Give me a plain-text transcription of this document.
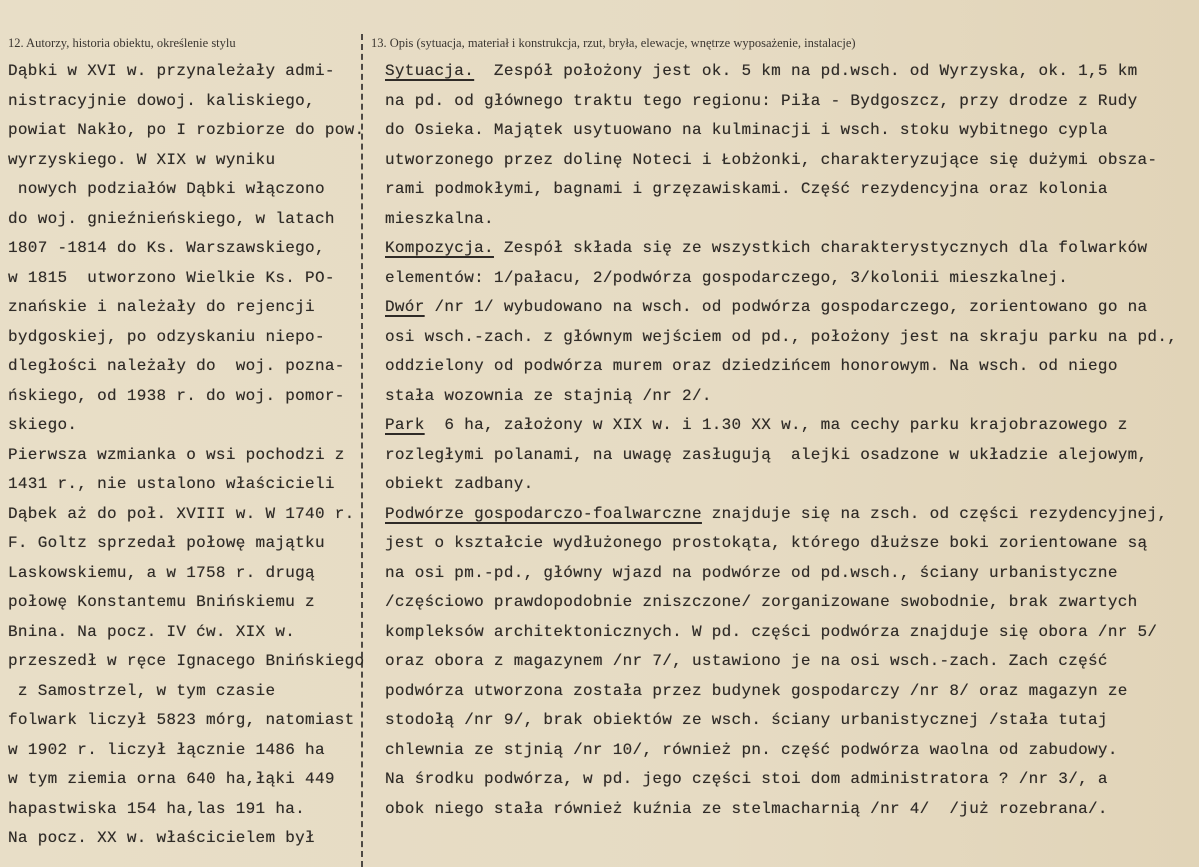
12. Autorzy, historia obiektu, określenie stylu	13. Opis (sytuacja, materiał i konstrukcja, rzut, bryła, elewacje, wnętrze wyposażenie, instalacje)
Dąbki w XVI w. przynależały admi-
nistracyjnie dowoj. kaliskiego,
powiat Nakło, po I rozbiorze do pow.
wyrzyskiego. W XIX w wyniku
nowych podziałów Dąbki włączono
do woj. gnieźnieńskiego, w latach
1807 -1814 do Ks. Warszawskiego,
w 1815  utworzono Wielkie Ks. PO-
znańskie i należały do rejencji
bydgoskiej, po odzyskaniu niepo-
dległości należały do  woj. pozna-
ńskiego, od 1938 r. do woj. pomor-
skiego.
Pierwsza wzmianka o wsi pochodzi z
1431 r., nie ustalono właścicieli
Dąbek aż do poł. XVIII w. W 1740 r.
F. Goltz sprzedał połowę majątku
Laskowskiemu, a w 1758 r. drugą
połowę Konstantemu Bnińskiemu z
Bnina. Na pocz. IV ćw. XIX w.
przeszedł w ręce Ignacego Bnińskiego
z Samostrzel, w tym czasie
folwark liczył 5823 mórg, natomiast
w 1902 r. liczył łącznie 1486 ha
w tym ziemia orna 640 ha,łąki 449
hapastwiska 154 ha,las 191 ha.
Na pocz. XX w. właścicielem był
Sytuacja.  Zespół położony jest ok. 5 km na pd.wsch. od Wyrzyska, ok. 1,5 km
na pd. od głównego traktu tego regionu: Piła - Bydgoszcz, przy drodze z Rudy
do Osieka. Majątek usytuowano na kulminacji i wsch. stoku wybitnego cypla
utworzonego przez dolinę Noteci i Łobżonki, charakteryzujące się dużymi obsza-
rami podmokłymi, bagnami i grzęzawiskami. Część rezydencyjna oraz kolonia
mieszkalna.
Kompozycja. Zespół składa się ze wszystkich charakterystycznych dla folwarków
elementów: 1/pałacu, 2/podwórza gospodarczego, 3/kolonii mieszkalnej.
Dwór /nr 1/ wybudowano na wsch. od podwórza gospodarczego, zorientowano go na
osi wsch.-zach. z głównym wejściem od pd., położony jest na skraju parku na pd.,
oddzielony od podwórza murem oraz dziedzińcem honorowym. Na wsch. od niego
stała wozownia ze stajnią /nr 2/.
Park  6 ha, założony w XIX w. i 1.30 XX w., ma cechy parku krajobrazowego z
rozległymi polanami, na uwagę zasługują  alejki osadzone w układzie alejowym,
obiekt zadbany.
Podwórze gospodarczo-foalwarczne znajduje się na zsch. od części rezydencyjnej,
jest o kształcie wydłużonego prostokąta, którego dłuższe boki zorientowane są
na osi pm.-pd., główny wjazd na podwórze od pd.wsch., ściany urbanistyczne
/częściowo prawdopodobnie zniszczone/ zorganizowane swobodnie, brak zwartych
kompleksów architektonicznych. W pd. części podwórza znajduje się obora /nr 5/
oraz obora z magazynem /nr 7/, ustawiono je na osi wsch.-zach. Zach część
podwórza utworzona została przez budynek gospodarczy /nr 8/ oraz magazyn ze
stodołą /nr 9/, brak obiektów ze wsch. ściany urbanistycznej /stała tutaj
chlewnia ze stjnią /nr 10/, również pn. część podwórza waolna od zabudowy.
Na środku podwórza, w pd. jego części stoi dom administratora ? /nr 3/, a
obok niego stała również kuźnia ze stelmacharnią /nr 4/  /już rozebrana/.
